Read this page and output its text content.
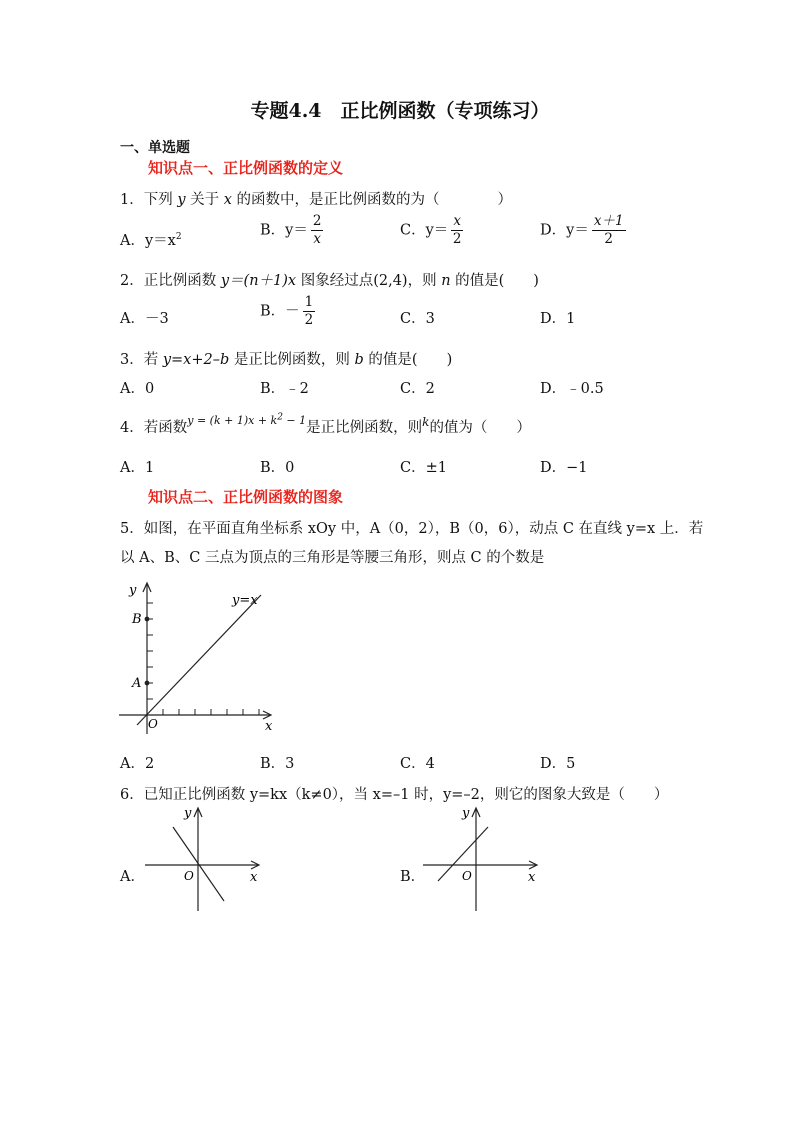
专题4.4　正比例函数（专项练习）
一、单选题
知识点一、正比例函数的定义
1．下列 y 关于 x 的函数中，是正比例函数的为（　　　　）
A．$y=x^2$	B．$y= \frac{2}{x}$	C．$y= \frac{x}{2}$	D．$y= \frac{x+1}{2}$
2．正比例函数 y＝(n＋1)x 图象经过点(2,4)，则 n 的值是(　　)
A．－3	B．－ $\frac{1}{2}$	C．3	D．1
3．若 y=x+2–b 是正比例函数，则 b 的值是(　　)
A．0	B．﹣2	C．2	D．﹣0.5
4．若函数$^{y = (k + 1)x + k^2 - 1}$是正比例函数，则$^k$的值为（　　）
A．1	B．0	C．±1	D．−1
知识点二、正比例函数的图象
5．如图，在平面直角坐标系 xOy 中，A（0，2），B（0，6），动点 C 在直线 y=x 上．若
以 A、B、C 三点为顶点的三角形是等腰三角形，则点 C 的个数是
y
x
O
A
B
y=x
A．2	B．3	C．4	D．5
6．已知正比例函数 y=kx（k≠0），当 x=–1 时，y=–2，则它的图象大致是（　　）
A．
y
x
O	B．
y
x
O
